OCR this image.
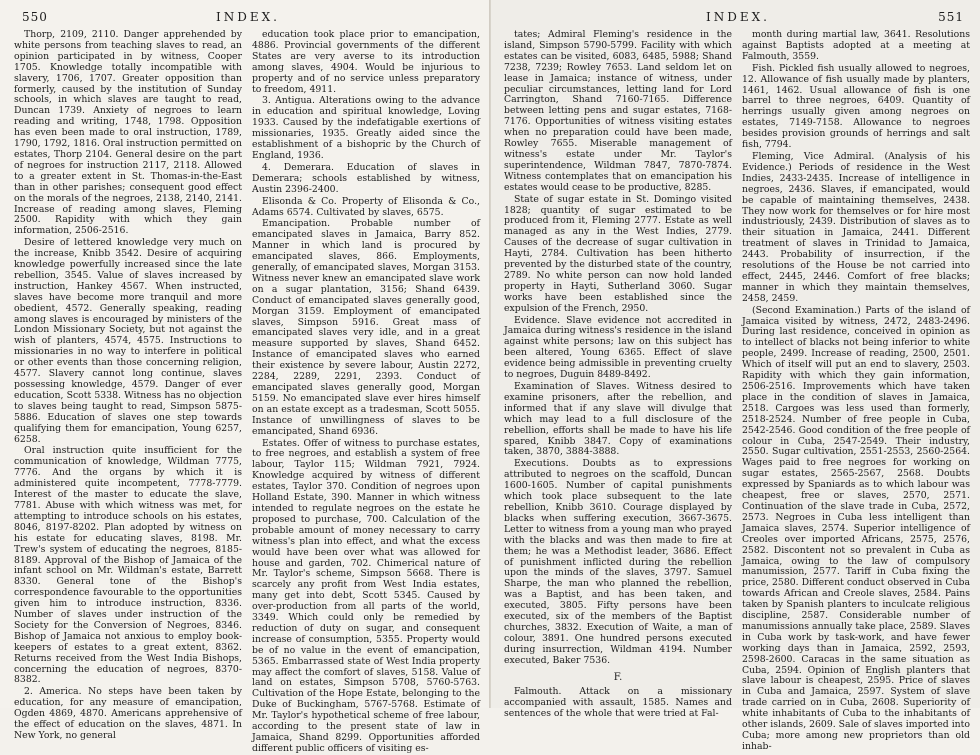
550	INDEX.

Thorp, 2109, 2110. Danger apprehended by white persons from teaching slaves to read, an opinion participated in by witness, Cooper 1705. Knowledge totally incompatible with slavery, 1706, 1707. Greater opposition than formerly, caused by the institution of Sunday schools, in which slaves are taught to read, Duncan 1739. Anxiety of negroes to learn reading and writing, 1748, 1798. Opposition has even been made to oral instruction, 1789, 1790, 1792, 1816. Oral instruction permitted on estates, Thorp 2104. General desire on the part of negroes for instruction 2117, 2118. Allowed to a greater extent in St. Thomas-in-the-East than in other parishes; consequent good effect on the morals of the negroes, 2138, 2140, 2141. Increase of reading among slaves, Fleming 2500. Rapidity with which they gain information, 2506-2516.

Desire of lettered knowledge very much on the increase, Knibb 3542. Desire of acquiring knowledge powerfully increased since the late rebellion, 3545. Value of slaves increased by instruction, Hankey 4567. When instructed, slaves have become more tranquil and more obedient, 4572. Generally speaking, reading among slaves is encouraged by ministers of the London Missionary Society, but not against the wish of planters, 4574, 4575. Instructions to missionaries in no way to interfere in political or other events than those concerning religion, 4577. Slavery cannot long continue, slaves possessing knowledge, 4579. Danger of ever education, Scott 5338. Witness has no objection to slaves being taught to read, Simpson 5875-5886. Education of slaves one step towards qualifying them for emancipation, Young 6257, 6258.

Oral instruction quite insufficient for the communication of knowledge, Wildman 7775, 7776. And the organs by which it is administered quite incompetent, 7778-7779. Interest of the master to educate the slave, 7781. Abuse with which witness was met, for attempting to introduce schools on his estates, 8046, 8197-8202. Plan adopted by witness on his estate for educating slaves, 8198. Mr. Trew's system of educating the negroes, 8185-8189. Approval of the Bishop of Jamaica of the infant school on Mr. Wildman's estate, Barrett 8330. General tone of the Bishop's correspondence favourable to the opportunities given him to introduce instruction, 8336. Number of slaves under instruction of the Society for the Conversion of Negroes, 8346. Bishop of Jamaica not anxious to employ book-keepers of estates to a great extent, 8362. Returns received from the West India Bishops, concerning the education of negroes, 8370-8382.

2. America. No steps have been taken by education, for any measure of emancipation, Ogden 4869, 4870. Americans apprehensive of the effect of education on the slaves, 4871. In New York, no general

education took place prior to emancipation, 4886. Provincial governments of the different States are very averse to its introduction among slaves, 4904. Would be injurious to property and of no service unless preparatory to freedom, 4911.

3. Antigua. Alterations owing to the advance in education and spiritual knowledge, Loving 1933. Caused by the indefatigable exertions of missionaries, 1935. Greatly aided since the establishment of a bishopric by the Church of England, 1936.

4. Demerara. Education of slaves in Demerara; schools established by witness, Austin 2396-2400.

Elisonda & Co. Property of Elisonda & Co., Adams 6574. Cultivated by slaves, 6575.

Emancipation. Probable number of emancipated slaves in Jamaica, Barry 852. Manner in which land is procured by emancipated slaves, 866. Employments, generally, of emancipated slaves, Morgan 3153. Witness never knew an emancipated slave work on a sugar plantation, 3156; Shand 6439. Conduct of emancipated slaves generally good, Morgan 3159. Employment of emancipated slaves, Simpson 5916. Great mass of emancipated slaves very idle, and in a great measure supported by slaves, Shand 6452. Instance of emancipated slaves who earned their existence by severe labour, Austin 2272, 2284, 2289, 2291, 2393. Conduct of emancipated slaves generally good, Morgan 5159. No emancipated slave ever hires himself on an estate except as a tradesman, Scott 5055. Instance of unwillingness of slaves to be emancipated, Shand 6936.

Estates. Offer of witness to purchase estates, to free negroes, and establish a system of free labour, Taylor 115; Wildman 7921, 7924. Knowledge acquired by witness of different estates, Taylor 370. Condition of negroes upon Holland Estate, 390. Manner in which witness intended to regulate negroes on the estate he proposed to purchase, 700. Calculation of the probable amount of money necessary to carry witness's plan into effect, and what the excess would have been over what was allowed for house and garden, 702. Chimerical nature of Mr. Taylor's scheme, Simpson 5668. There is scarcely any profit from West India estates, many get into debt, Scott 5345. Caused by over-production from all parts of the world, 3349. Which could only be remedied by reduction of duty on sugar, and consequent increase of consumption, 5355. Property would be of no value in the event of emancipation, 5365. Embarrassed state of West India property may affect the comfort of slaves, 5158. Value of land on estates, Simpson 5708, 5760-5763. Cultivation of the Hope Estate, belonging to the Duke of Buckingham, 5767-5768. Estimate of Mr. Taylor's hypothetical scheme of free labour, according to the present state of law in Jamaica, Shand 8299. Opportunities afforded different public officers of visiting es-

INDEX.	551

tates; Admiral Fleming's residence in the island, Simpson 5790-5799. Facility with which estates can be visited, 6083, 6485, 5988; Shand 7238, 7239; Rowley 7653. Land seldom let on lease in Jamaica; instance of witness, under peculiar circumstances, letting land for Lord Carrington, Shand 7160-7165. Difference between letting pens and sugar estates, 7168-7176. Opportunities of witness visiting estates when no preparation could have been made, Rowley 7655. Miserable management of witness's estate under Mr. Taylor's superintendence, Wildman 7847, 7870-7874. Witness contemplates that on emancipation his estates would cease to be productive, 8285.

State of sugar estate in St. Domingo visited 1828; quantity of sugar estimated to be produced from it, Fleming 2777. Estate as well managed as any in the West Indies, 2779. Causes of the decrease of sugar cultivation in Hayti, 2784. Cultivation has been hitherto prevented by the disturbed state of the country, 2789. No white person can now hold landed property in Hayti, Sutherland 3060. Sugar works have been established since the expulsion of the French, 2950.

Evidence. Slave evidence not accredited in Jamaica during witness's residence in the island against white persons; law on this subject has been altered, Young 6365. Effect of slave evidence being admissible in preventing cruelty to negroes, Duguin 8489-8492.

Examination of Slaves. Witness desired to examine prisoners, after the rebellion, and informed that if any slave will divulge that which may lead to a full disclosure of the rebellion, efforts shall be made to have his life spared, Knibb 3847. Copy of examinations taken, 3870, 3884-3888.

Executions. Doubts as to expressions attributed to negroes on the scaffold, Duncan 1600-1605. Number of capital punishments which took place subsequent to the late rebellion, Knibb 3610. Courage displayed by blacks when suffering execution, 3667-3675. Letter to witness from a young man who prayed with the blacks and was then made to fire at them; he was a Methodist leader, 3686. Effect of punishment inflicted during the rebellion upon the minds of the slaves, 3797. Samuel Sharpe, the man who planned the rebellion, was a Baptist, and has been taken, and executed, 3805. Fifty persons have been executed, six of the members of the Baptist churches, 3832. Execution of Waite, a man of colour, 3891. One hundred persons executed during insurrection, Wildman 4194. Number executed, Baker 7536.

F.

Falmouth. Attack on a missionary accompanied with assault, 1585. Names and sentences of the whole that were tried at Fal-

month during martial law, 3641. Resolutions against Baptists adopted at a meeting at Falmouth, 3559.

Fish. Pickled fish usually allowed to negroes, 12. Allowance of fish usually made by planters, 1461, 1462. Usual allowance of fish is one barrel to three negroes, 6409. Quantity of herrings usually given among negroes on estates, 7149-7158. Allowance to negroes besides provision grounds of herrings and salt fish, 7794.

Fleming, Vice Admiral. (Analysis of his Evidence.) Periods of residence in the West Indies, 2433-2435. Increase of intelligence in negroes, 2436. Slaves, if emancipated, would be capable of maintaining themselves, 2438. They now work for themselves or for hire most industriously, 2439. Distribution of slaves as to their situation in Jamaica, 2441. Different treatment of slaves in Trinidad to Jamaica, 2443. Probability of insurrection, if the resolutions of the House be not carried into effect, 2445, 2446. Comfort of free blacks; manner in which they maintain themselves, 2458, 2459.

(Second Examination.) Parts of the island of Jamaica visited by witness, 2472, 2483-2496. During last residence, conceived in opinion as to intellect of blacks not being inferior to white people, 2499. Increase of reading, 2500, 2501. Which of itself will put an end to slavery, 2503. Rapidity with which they gain information, 2506-2516. Improvements which have taken place in the condition of slaves in Jamaica, 2518. Cargoes was less used than formerly, 2518-2524. Number of free people in Cuba, 2542-2546. Good condition of the free people of colour in Cuba, 2547-2549. Their industry, 2550. Sugar cultivation, 2551-2553, 2560-2564. Wages paid to free negroes for working on sugar estates, 2565-2567, 2568. Doubts expressed by Spaniards as to which labour was cheapest, free or slaves, 2570, 2571. Continuation of the slave trade in Cuba, 2572, 2573. Negroes in Cuba less intelligent than Jamaica slaves, 2574. Superior intelligence of Creoles over imported Africans, 2575, 2576, 2582. Discontent not so prevalent in Cuba as Jamaica, owing to the law of compulsory manumission, 2577. Tariff in Cuba fixing the price, 2580. Different conduct observed in Cuba towards African and Creole slaves, 2584. Pains taken by Spanish planters to inculcate religious discipline, 2587. Considerable number of manumissions annually take place, 2589. Slaves in Cuba work by task-work, and have fewer working days than in Jamaica, 2592, 2593, 2598-2600. Caracas in the same situation as Cuba, 2594. Opinion of English planters that slave labour is cheapest, 2595. Price of slaves in Cuba and Jamaica, 2597. System of slave trade carried on in Cuba, 2608. Superiority of white inhabitants of Cuba to the inhabitants of other islands, 2609. Sale of slaves imported into Cuba; more among new proprietors than old inhab-
